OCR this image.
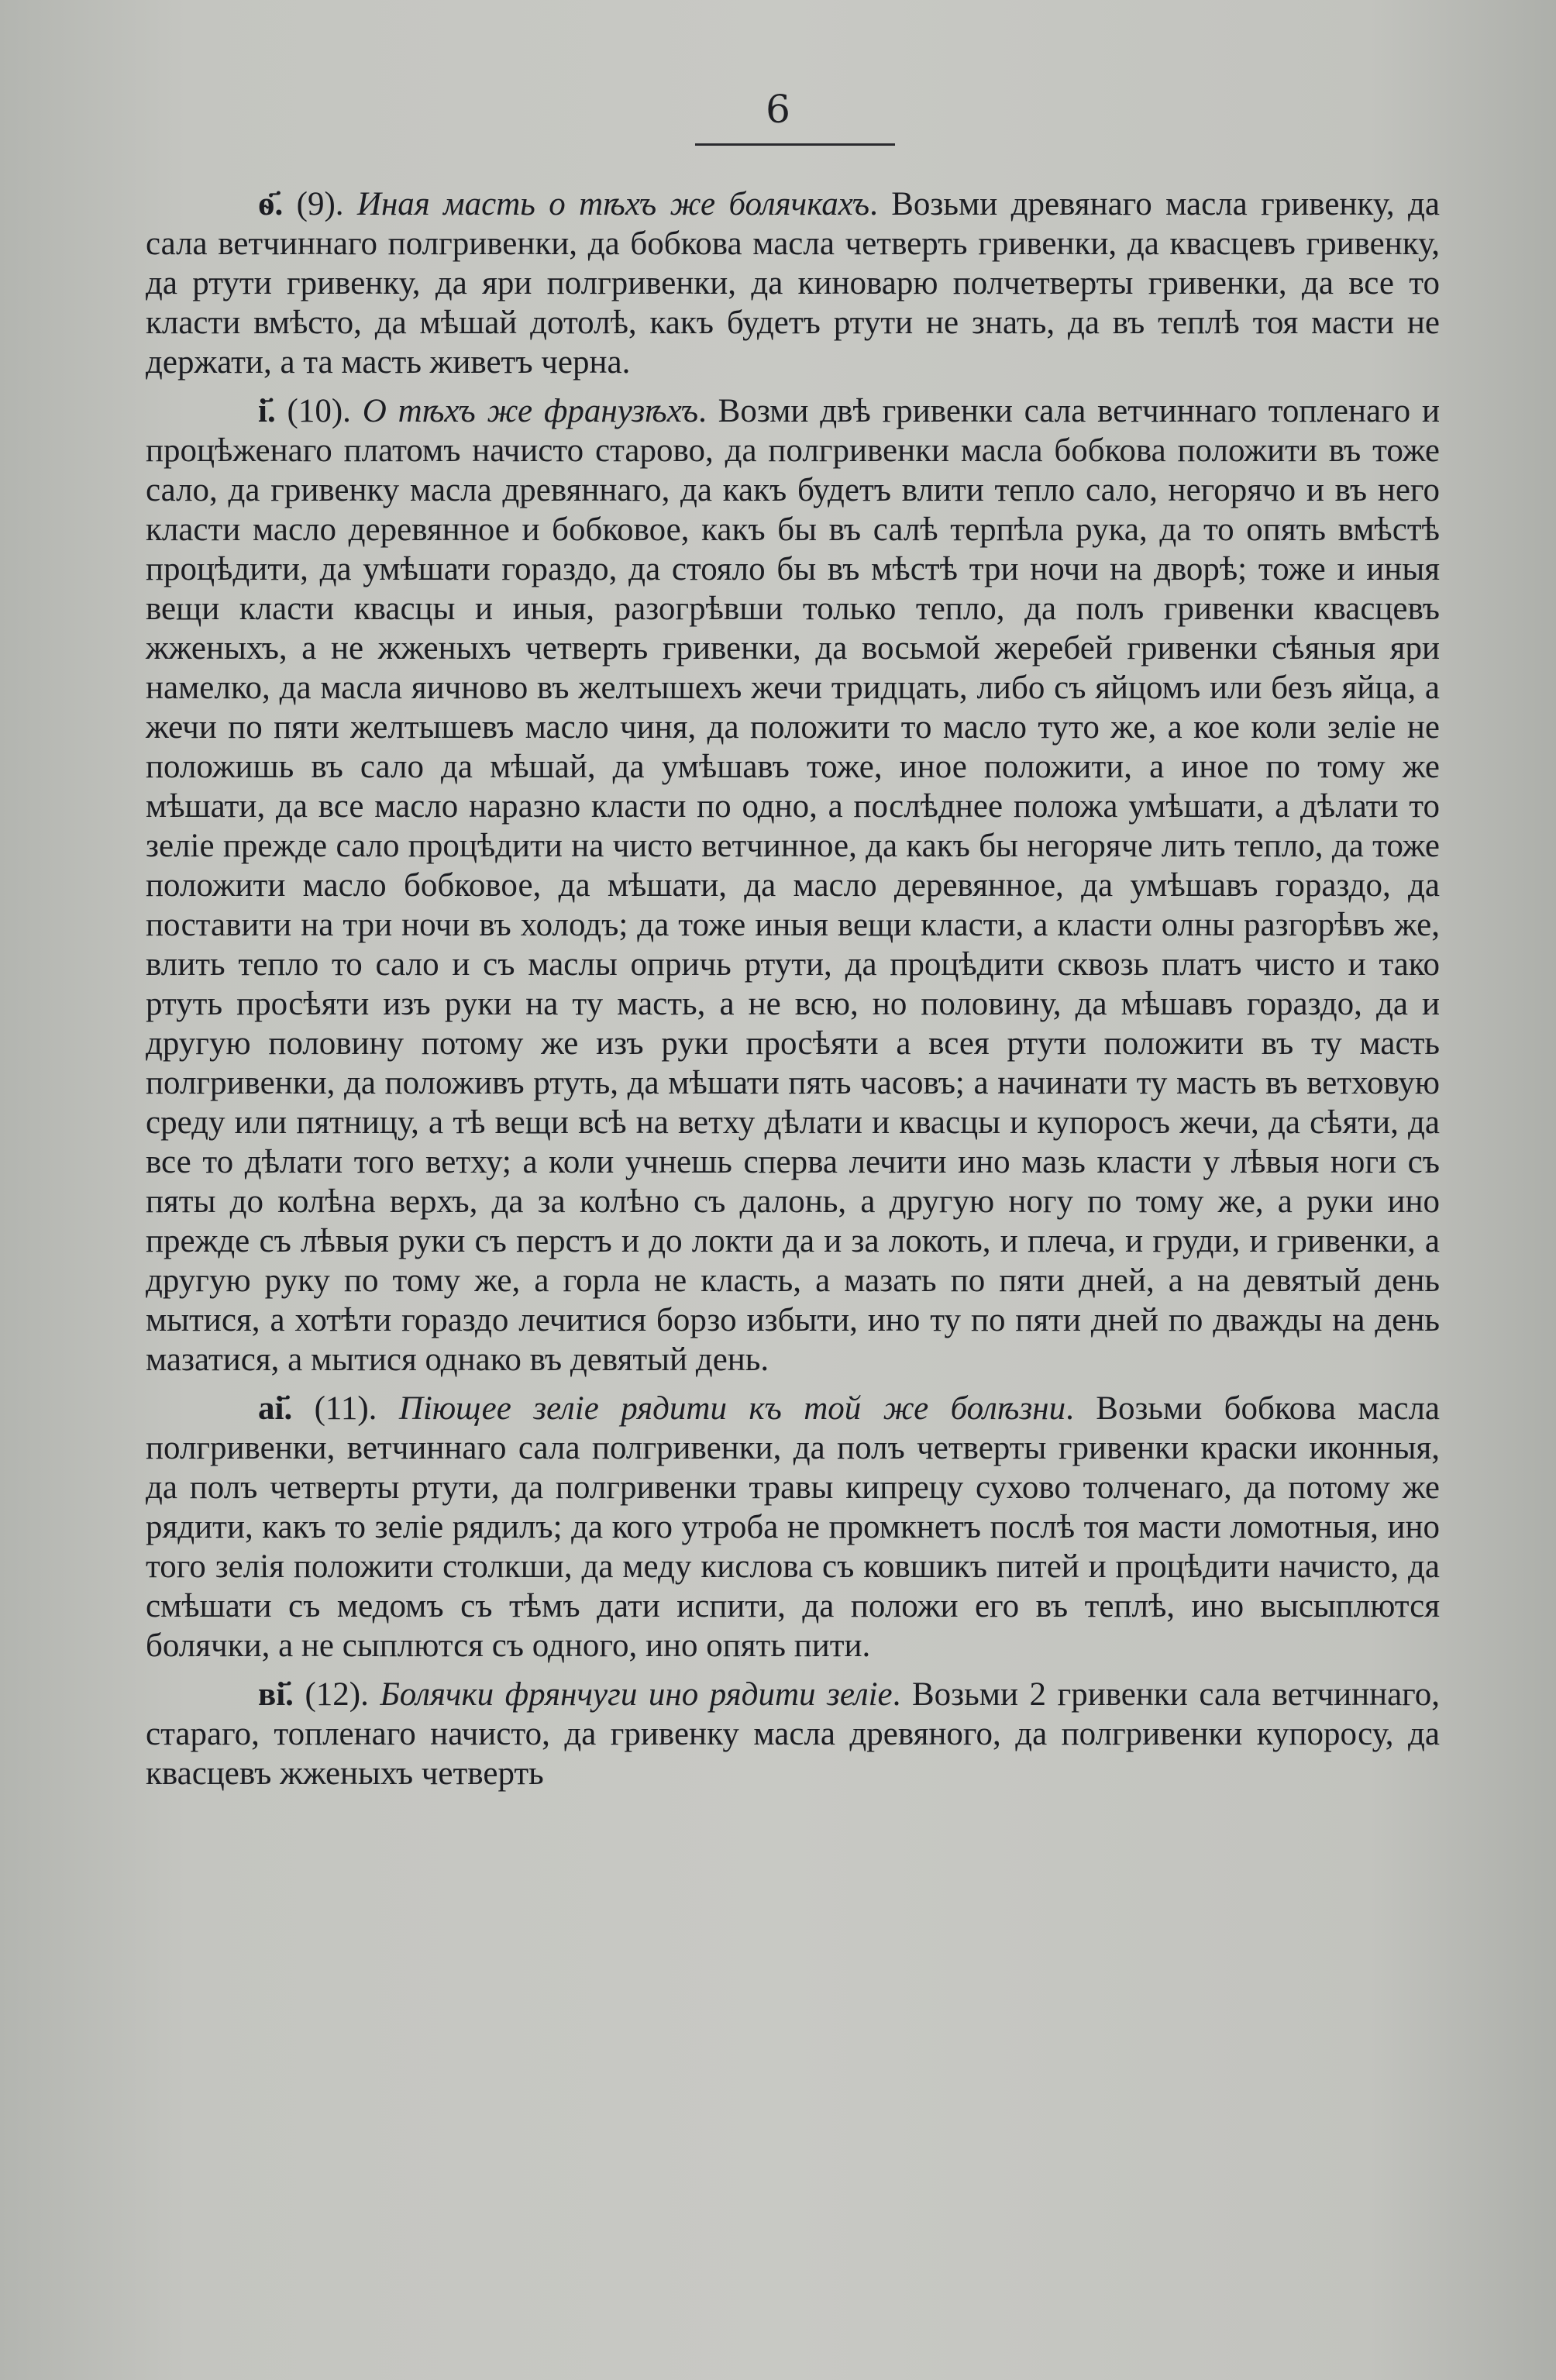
6

ѳ҃. (9). Иная масть о тѣхъ же болячкахъ. Возьми древянаго масла гривенку, да сала ветчиннаго полгривенки, да бобкова масла четверть гривенки, да квасцевъ гривенку, да ртути гривенку, да яри полгривенки, да киноварю полчетверты гривенки, да все то класти вмѣсто, да мѣшай дотолѣ, какъ будетъ ртути не знать, да въ теплѣ тоя масти не держати, а та масть живетъ черна.

і҃. (10). О тѣхъ же франузѣхъ. Возми двѣ гривенки сала ветчиннаго топленаго и процѣженаго платомъ начисто старово, да полгривенки масла бобкова положити въ тоже сало, да гривенку масла древяннаго, да какъ будетъ влити тепло сало, негорячо и въ него класти масло деревянное и бобковое, какъ бы въ салѣ терпѣла рука, да то опять вмѣстѣ процѣдити, да умѣшати гораздо, да стояло бы въ мѣстѣ три ночи на дворѣ; тоже и иныя вещи класти квасцы и иныя, разогрѣвши только тепло, да полъ гривенки квасцевъ жженыхъ, а не жженыхъ четверть гривенки, да восьмой жеребей гривенки сѣяныя яри намелко, да масла яичново въ желтышехъ жечи тридцать, либо съ яйцомъ или безъ яйца, а жечи по пяти желтышевъ масло чиня, да положити то масло туто же, а кое коли зеліе не положишь въ сало да мѣшай, да умѣшавъ тоже, иное положити, а иное по тому же мѣшати, да все масло наразно класти по одно, а послѣднее положа умѣшати, а дѣлати то зеліе прежде сало процѣдити на чисто ветчинное, да какъ бы негоряче лить тепло, да тоже положити масло бобковое, да мѣшати, да масло деревянное, да умѣшавъ гораздо, да поставити на три ночи въ холодъ; да тоже иныя вещи класти, а класти олны разгорѣвъ же, влить тепло то сало и съ маслы опричь ртути, да процѣдити сквозь платъ чисто и тако ртуть просѣяти изъ руки на ту масть, а не всю, но половину, да мѣшавъ гораздо, да и другую половину потому же изъ руки просѣяти а всея ртути положити въ ту масть полгривенки, да положивъ ртуть, да мѣшати пять часовъ; а начинати ту масть въ ветховую среду или пятницу, а тѣ вещи всѣ на ветху дѣлати и квасцы и купоросъ жечи, да сѣяти, да все то дѣлати того ветху; а коли учнешь сперва лечити ино мазь класти у лѣвыя ноги съ пяты до колѣна верхъ, да за колѣно съ далонь, а другую ногу по тому же, а руки ино прежде съ лѣвыя руки съ перстъ и до локти да и за локоть, и плеча, и груди, и гривенки, а другую руку по тому же, а горла не класть, а мазать по пяти дней, а на девятый день мытися, а хотѣти гораздо лечитися борзо избыти, ино ту по пяти дней по дважды на день мазатися, а мытися однако въ девятый день.

аі҃. (11). Піющее зеліе рядити къ той же болѣзни. Возьми бобкова масла полгривенки, ветчиннаго сала полгривенки, да полъ четверты гривенки краски иконныя, да полъ четверты ртути, да полгривенки травы кипрецу сухово толченаго, да потому же рядити, какъ то зеліе рядилъ; да кого утроба не промкнетъ послѣ тоя масти ломотныя, ино того зелія положити столкши, да меду кислова съ ковшикъ питей и процѣдити начисто, да смѣшати съ медомъ съ тѣмъ дати испити, да положи его въ теплѣ, ино высыплются болячки, а не сыплются съ одного, ино опять пити.

ві҃. (12). Болячки фрянчуги ино рядити зеліе. Возьми 2 гривенки сала ветчиннаго, стараго, топленаго начисто, да гривенку масла древяного, да полгривенки купоросу, да квасцевъ жженыхъ четверть
